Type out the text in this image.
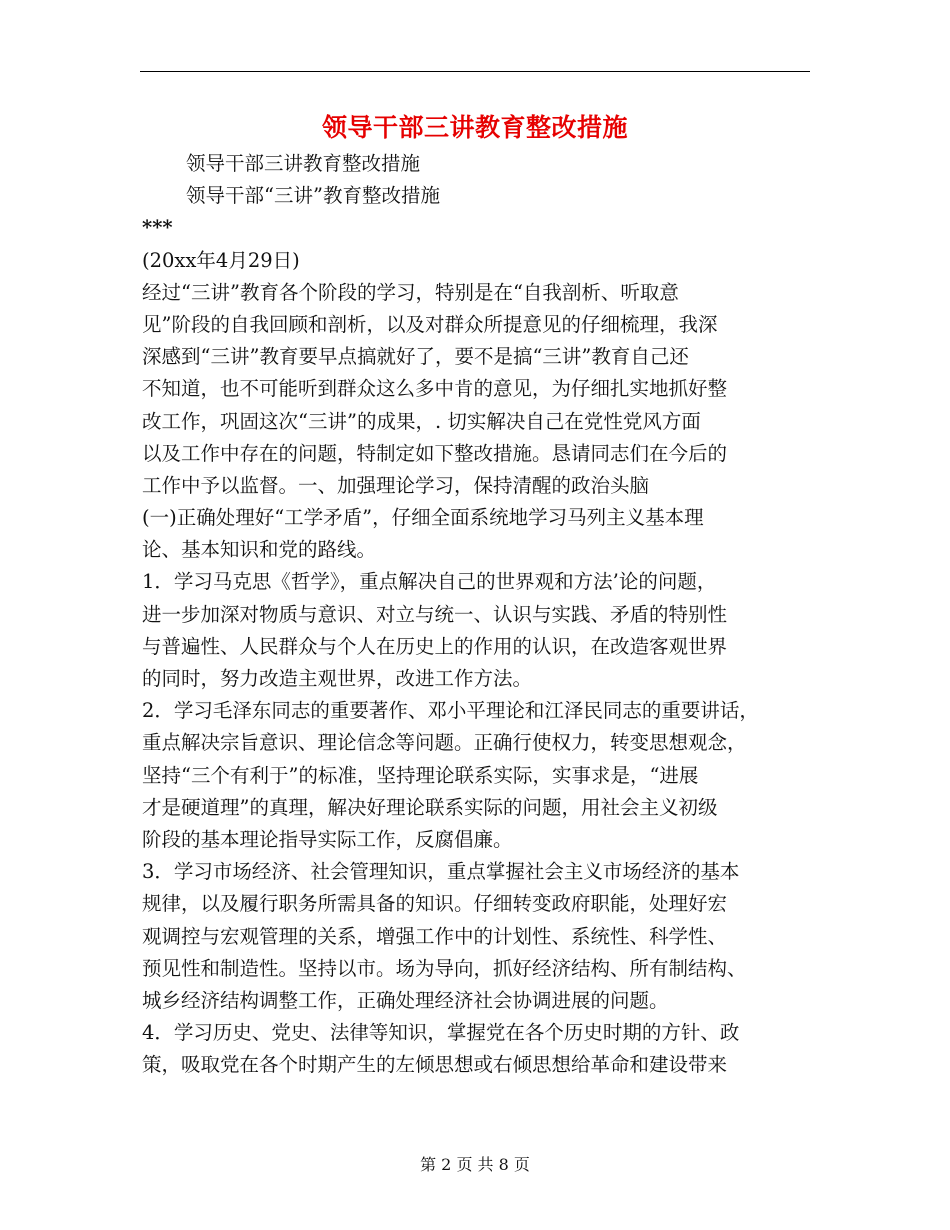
领导干部三讲教育整改措施
领导干部三讲教育整改措施
领导干部“三讲”教育整改措施
***
(20xx年4月29日)
经过“三讲”教育各个阶段的学习，特别是在“自我剖析、听取意
见”阶段的自我回顾和剖析，以及对群众所提意见的仔细梳理，我深
深感到“三讲”教育要早点搞就好了，要不是搞“三讲”教育自己还
不知道，也不可能听到群众这么多中肯的意见，为仔细扎实地抓好整
改工作，巩固这次“三讲”的成果，. 切实解决自己在党性党风方面
以及工作中存在的问题，特制定如下整改措施。恳请同志们在今后的
工作中予以监督。一、加强理论学习，保持清醒的政治头脑
(一)正确处理好“工学矛盾”，仔细全面系统地学习马列主义基本理
论、基本知识和党的路线。
1．学习马克思《哲学》，重点解决自己的世界观和方法’论的问题，
进一步加深对物质与意识、对立与统一、认识与实践、矛盾的特别性
与普遍性、人民群众与个人在历史上的作用的认识，在改造客观世界
的同时，努力改造主观世界，改进工作方法。
2．学习毛泽东同志的重要著作、邓小平理论和江泽民同志的重要讲话，
重点解决宗旨意识、理论信念等问题。正确行使权力，转变思想观念，
坚持“三个有利于”的标准，坚持理论联系实际，实事求是，“进展
才是硬道理”的真理，解决好理论联系实际的问题，用社会主义初级
阶段的基本理论指导实际工作，反腐倡廉。
3．学习市场经济、社会管理知识，重点掌握社会主义市场经济的基本
规律，以及履行职务所需具备的知识。仔细转变政府职能，处理好宏
观调控与宏观管理的关系，增强工作中的计划性、系统性、科学性、
预见性和制造性。坚持以市。场为导向，抓好经济结构、所有制结构、
城乡经济结构调整工作，正确处理经济社会协调进展的问题。
4．学习历史、党史、法律等知识，掌握党在各个历史时期的方针、政
策，吸取党在各个时期产生的左倾思想或右倾思想给革命和建设带来
第 2 页 共 8 页
